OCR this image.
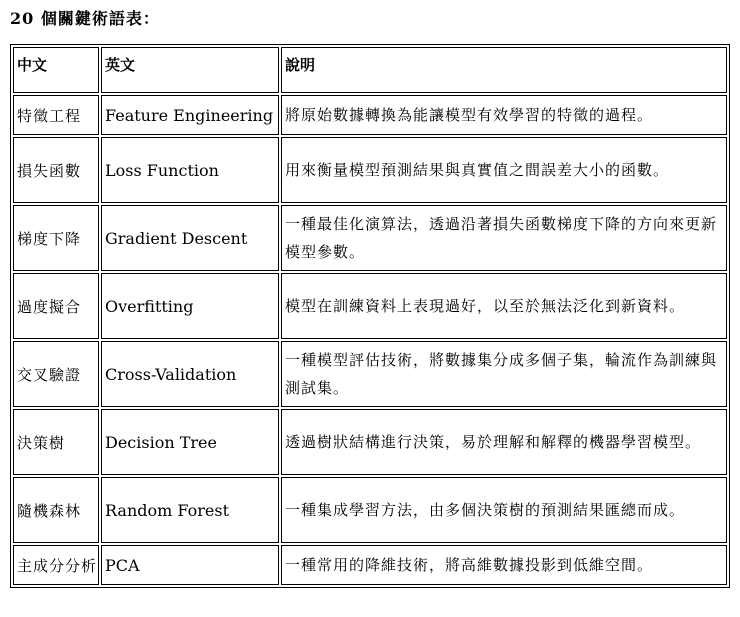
20 個關鍵術語表：
中文	英文	說明
特徵工程	Feature Engineering	將原始數據轉換為能讓模型有效學習的特徵的過程。
損失函數	Loss Function	用來衡量模型預測結果與真實值之間誤差大小的函數。
梯度下降	Gradient Descent	一種最佳化演算法，透過沿著損失函數梯度下降的方向來更新模型參數。
過度擬合	Overfitting	模型在訓練資料上表現過好，以至於無法泛化到新資料。
交叉驗證	Cross-Validation	一種模型評估技術，將數據集分成多個子集，輪流作為訓練與測試集。
決策樹	Decision Tree	透過樹狀結構進行決策，易於理解和解釋的機器學習模型。
隨機森林	Random Forest	一種集成學習方法，由多個決策樹的預測結果匯總而成。
主成分分析	PCA	一種常用的降維技術，將高維數據投影到低維空間。
